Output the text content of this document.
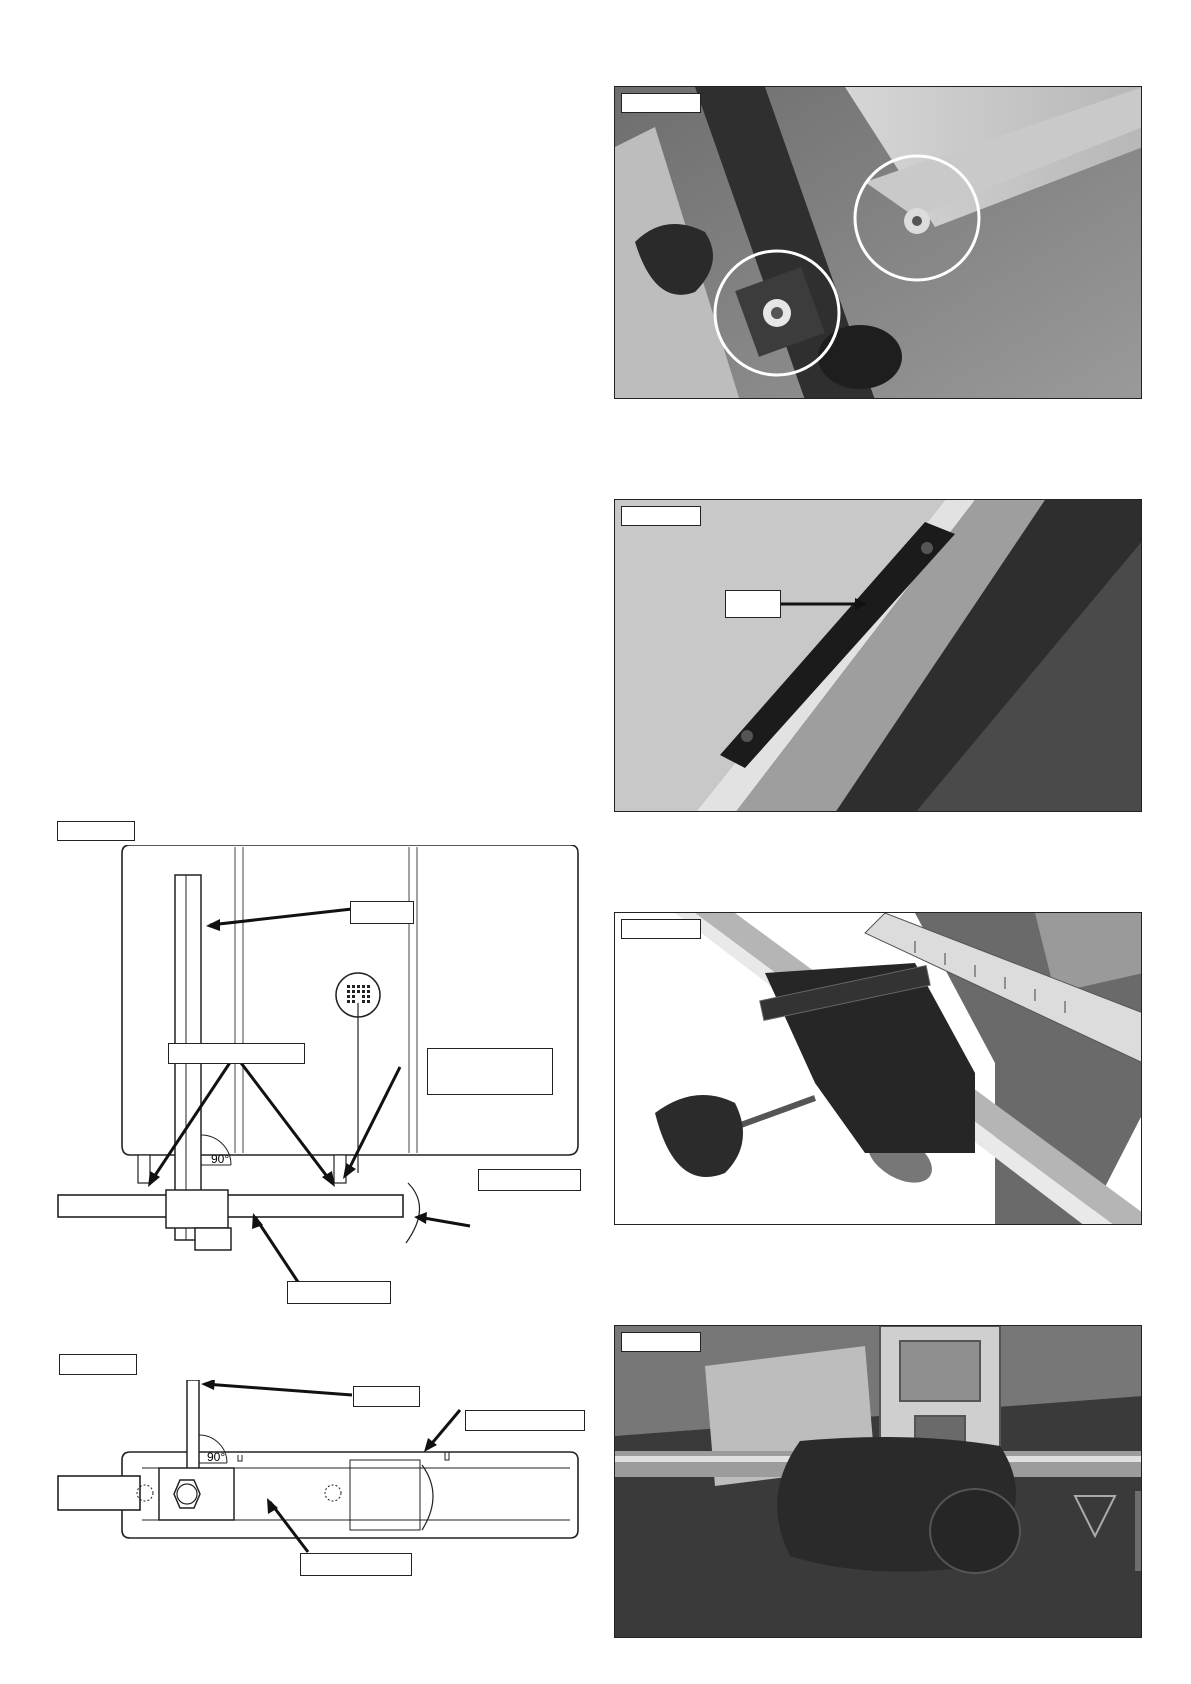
90°
90°
